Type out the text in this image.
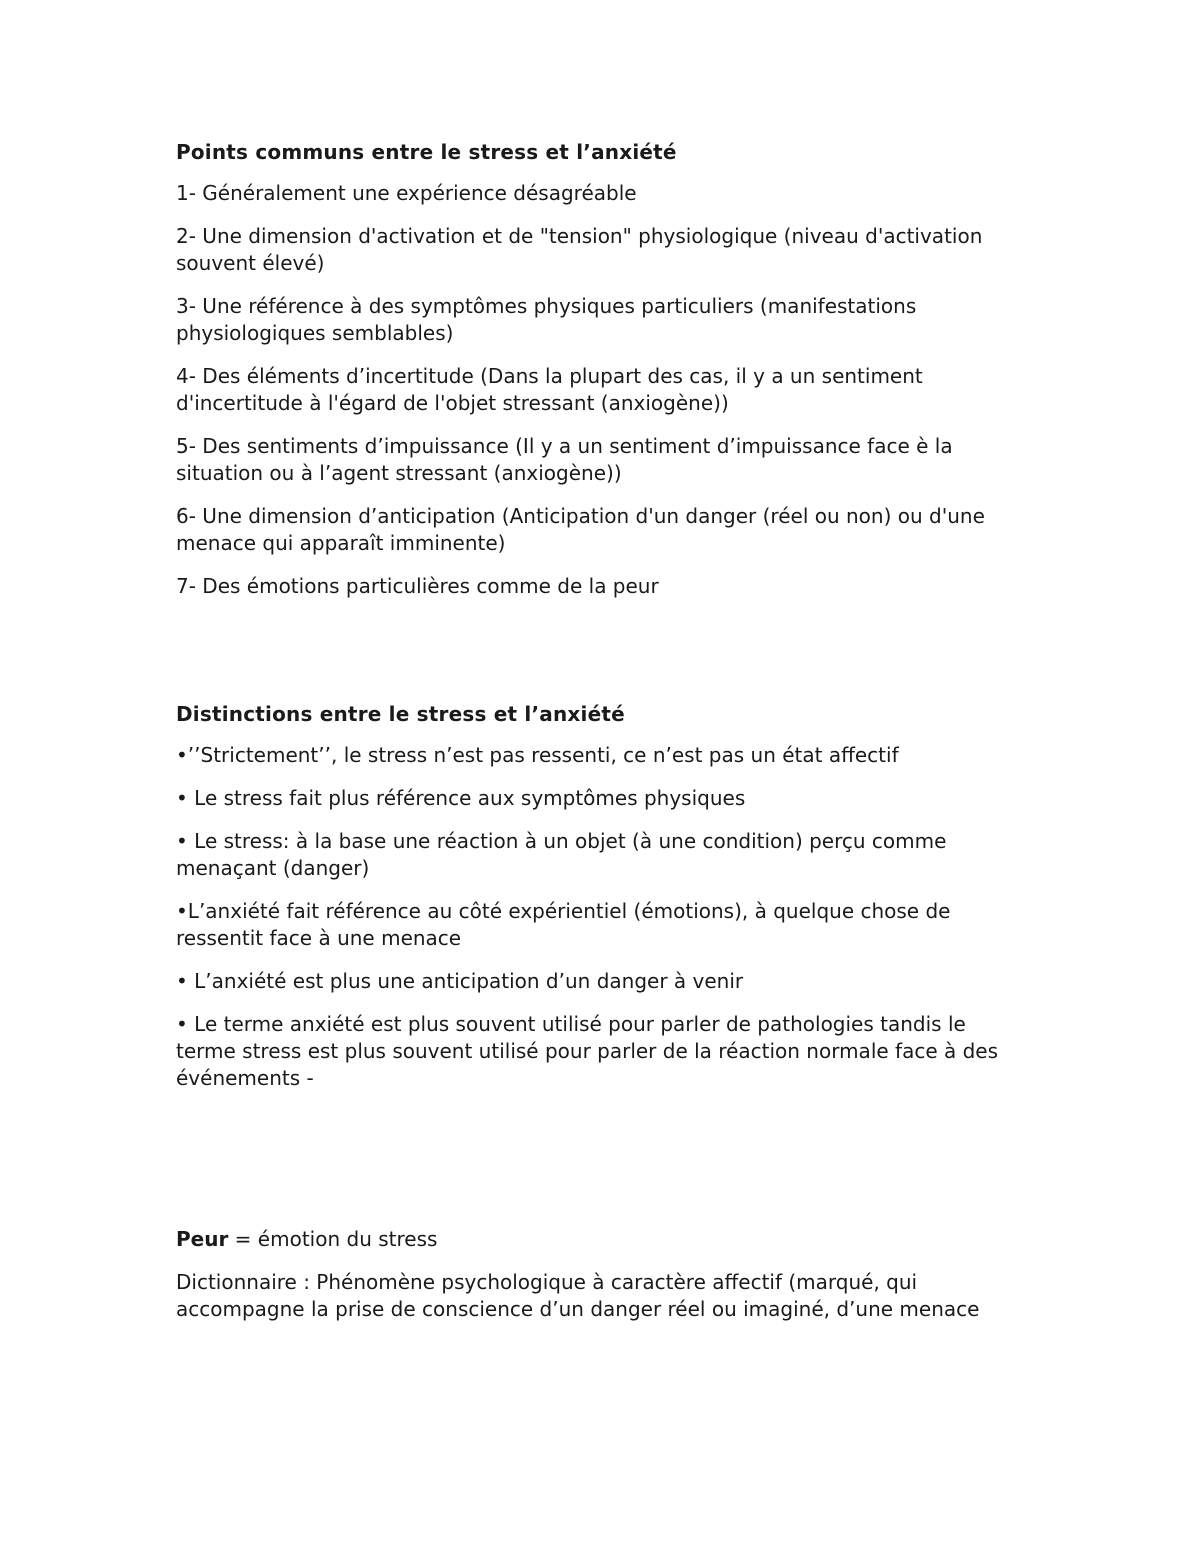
Points communs entre le stress et l’anxiété
1- Généralement une expérience désagréable
2- Une dimension d'activation et de "tension" physiologique (niveau d'activation souvent élevé)
3- Une référence à des symptômes physiques particuliers (manifestations physiologiques semblables)
4- Des éléments d’incertitude (Dans la plupart des cas, il y a un sentiment d'incertitude à l'égard de l'objet stressant (anxiogène))
5- Des sentiments d’impuissance (Il y a un sentiment d’impuissance face è la situation ou à l’agent stressant (anxiogène))
6- Une dimension d’anticipation (Anticipation d'un danger (réel ou non) ou d'une menace qui apparaît imminente)
7- Des émotions particulières comme de la peur
Distinctions entre le stress et l’anxiété
•’’Strictement’’, le stress n’est pas ressenti, ce n’est pas un état affectif
• Le stress fait plus référence aux symptômes physiques
• Le stress: à la base une réaction à un objet (à une condition) perçu comme menaçant (danger)
•L’anxiété fait référence au côté expérientiel (émotions), à quelque chose de ressentit face à une menace
• L’anxiété est plus une anticipation d’un danger à venir
• Le terme anxiété est plus souvent utilisé pour parler de pathologies tandis le terme stress est plus souvent utilisé pour parler de la réaction normale face à des événements -
Peur = émotion du stress
Dictionnaire : Phénomène psychologique à caractère affectif (marqué, qui accompagne la prise de conscience d’un danger réel ou imaginé, d’une menace
